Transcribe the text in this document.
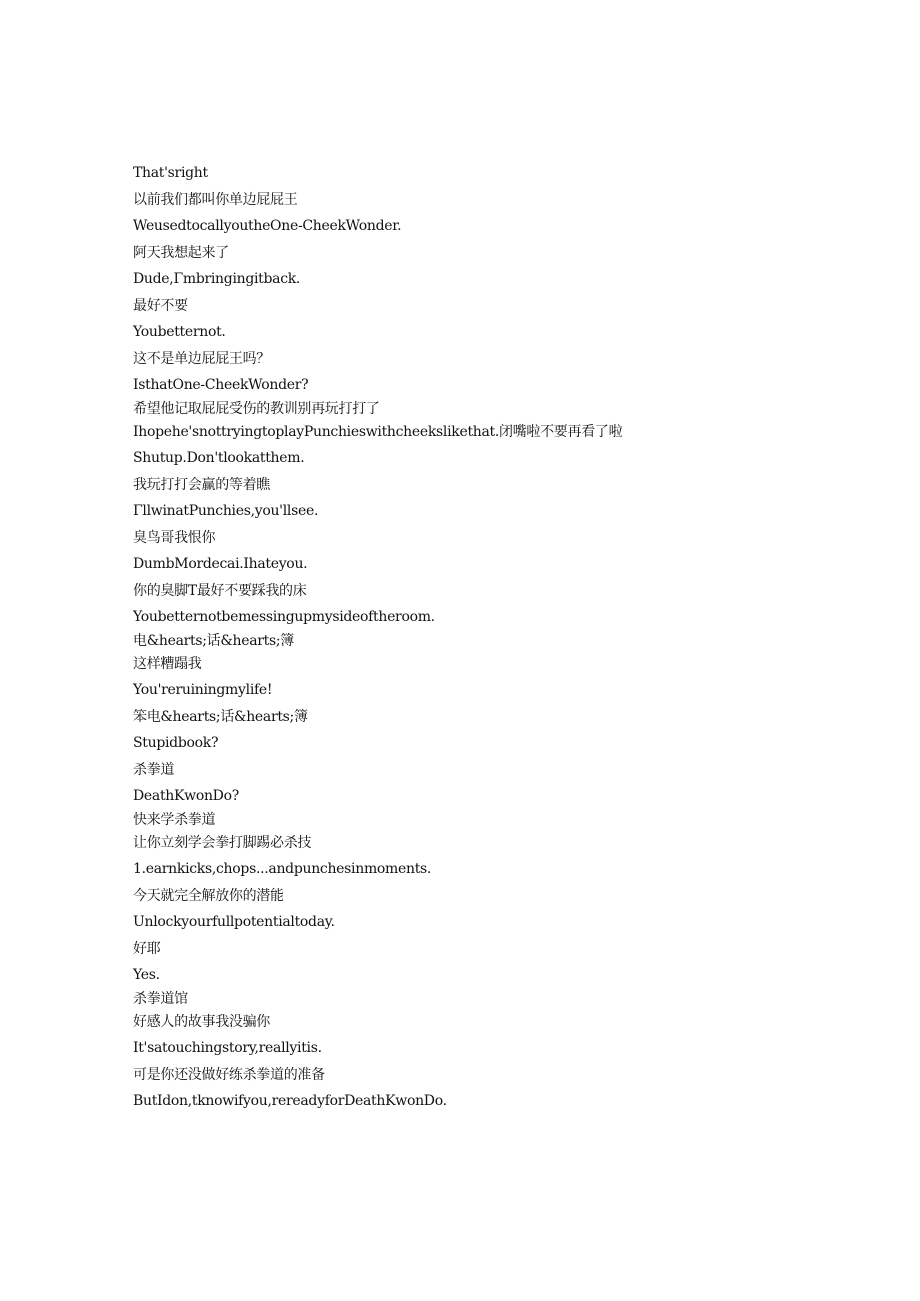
That'sright
以前我们都叫你单边屁屁王
WeusedtocallyoutheOne-CheekWonder.
阿天我想起来了
Dude,Γmbringingitback.
最好不要
Youbetternot.
这不是单边屁屁王吗？
IsthatOne-CheekWonder?
希望他记取屁屁受伤的教训别再玩打打了
Ihopehe'snottryingtoplayPunchieswithcheekslikethat.闭嘴啦不要再看了啦
Shutup.Don'tlookatthem.
我玩打打会赢的等着瞧
ΓllwinatPunchies,you'llsee.
臭鸟哥我恨你
DumbMordecai.Ihateyou.
你的臭脚T最好不要踩我的床
Youbetternotbemessingupmysideoftheroom.
电&hearts;话&hearts;簿
这样糟蹋我
You'reruiningmylife!
笨电&hearts;话&hearts;簿
Stupidbook?
杀拳道
DeathKwonDo?
快来学杀拳道
让你立刻学会拳打脚踢必杀技
1.earnkicks,chops...andpunchesinmoments.
今天就完全解放你的潜能
Unlockyourfullpotentialtoday.
好耶
Yes.
杀拳道馆
好感人的故事我没骗你
It'satouchingstory,reallyitis.
可是你还没做好练杀拳道的准备
ButIdon,tknowifyou,rereadyforDeathKwonDo.
